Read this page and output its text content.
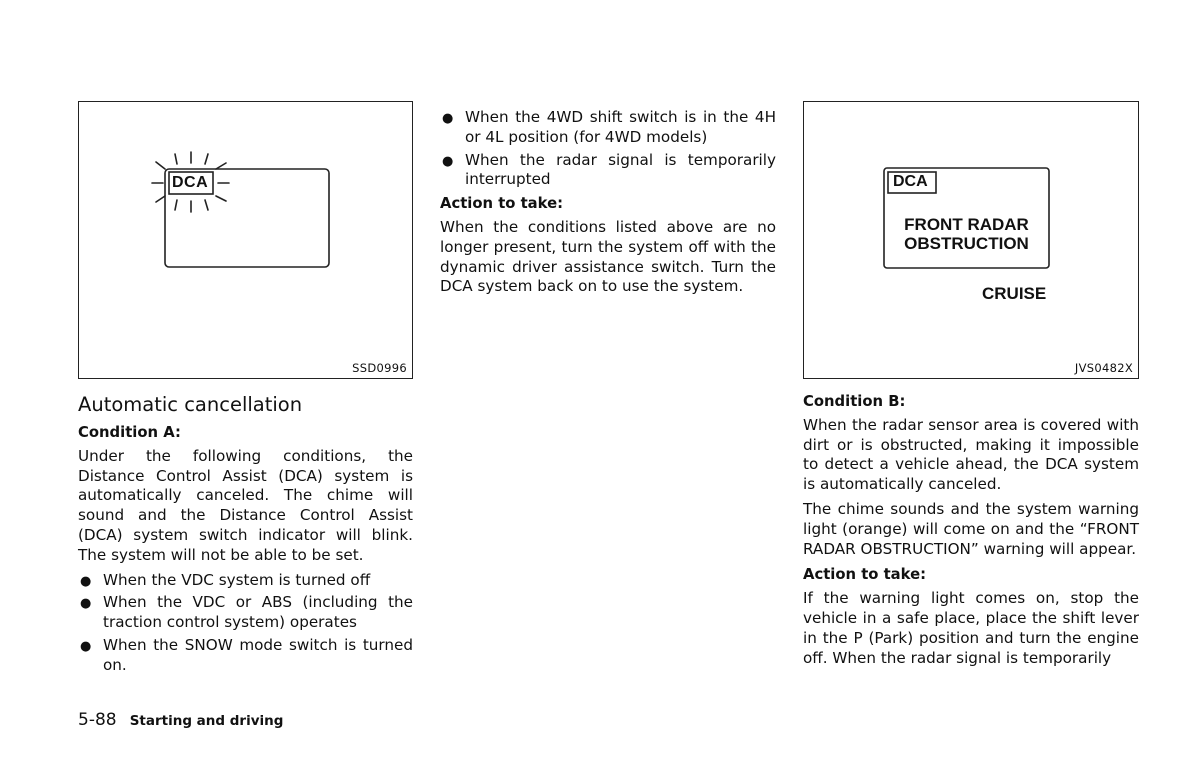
DCA
SSD0996
DCA
FRONT RADAR
OBSTRUCTION
CRUISE
JVS0482X
Automatic cancellation
Condition A:

Under the following conditions, the Distance Control Assist (DCA) system is automatically canceled. The chime will sound and the Distance Control Assist (DCA) system switch indicator will blink. The system will not be able to be set.

● When the VDC system is turned off
● When the VDC or ABS (including the traction control system) operates
● When the SNOW mode switch is turned on.
● When the 4WD shift switch is in the 4H or 4L position (for 4WD models)
● When the radar signal is temporarily interrupted
Action to take:

When the conditions listed above are no longer present, turn the system off with the dynamic driver assistance switch. Turn the DCA system back on to use the system.

Condition B:

When the radar sensor area is covered with dirt or is obstructed, making it impossible to detect a vehicle ahead, the DCA system is automatically canceled.

The chime sounds and the system warning light (orange) will come on and the “FRONT RADAR OBSTRUCTION” warning will appear.

Action to take:

If the warning light comes on, stop the vehicle in a safe place, place the shift lever in the P (Park) position and turn the engine off. When the radar signal is temporarily

5-88 Starting and driving
